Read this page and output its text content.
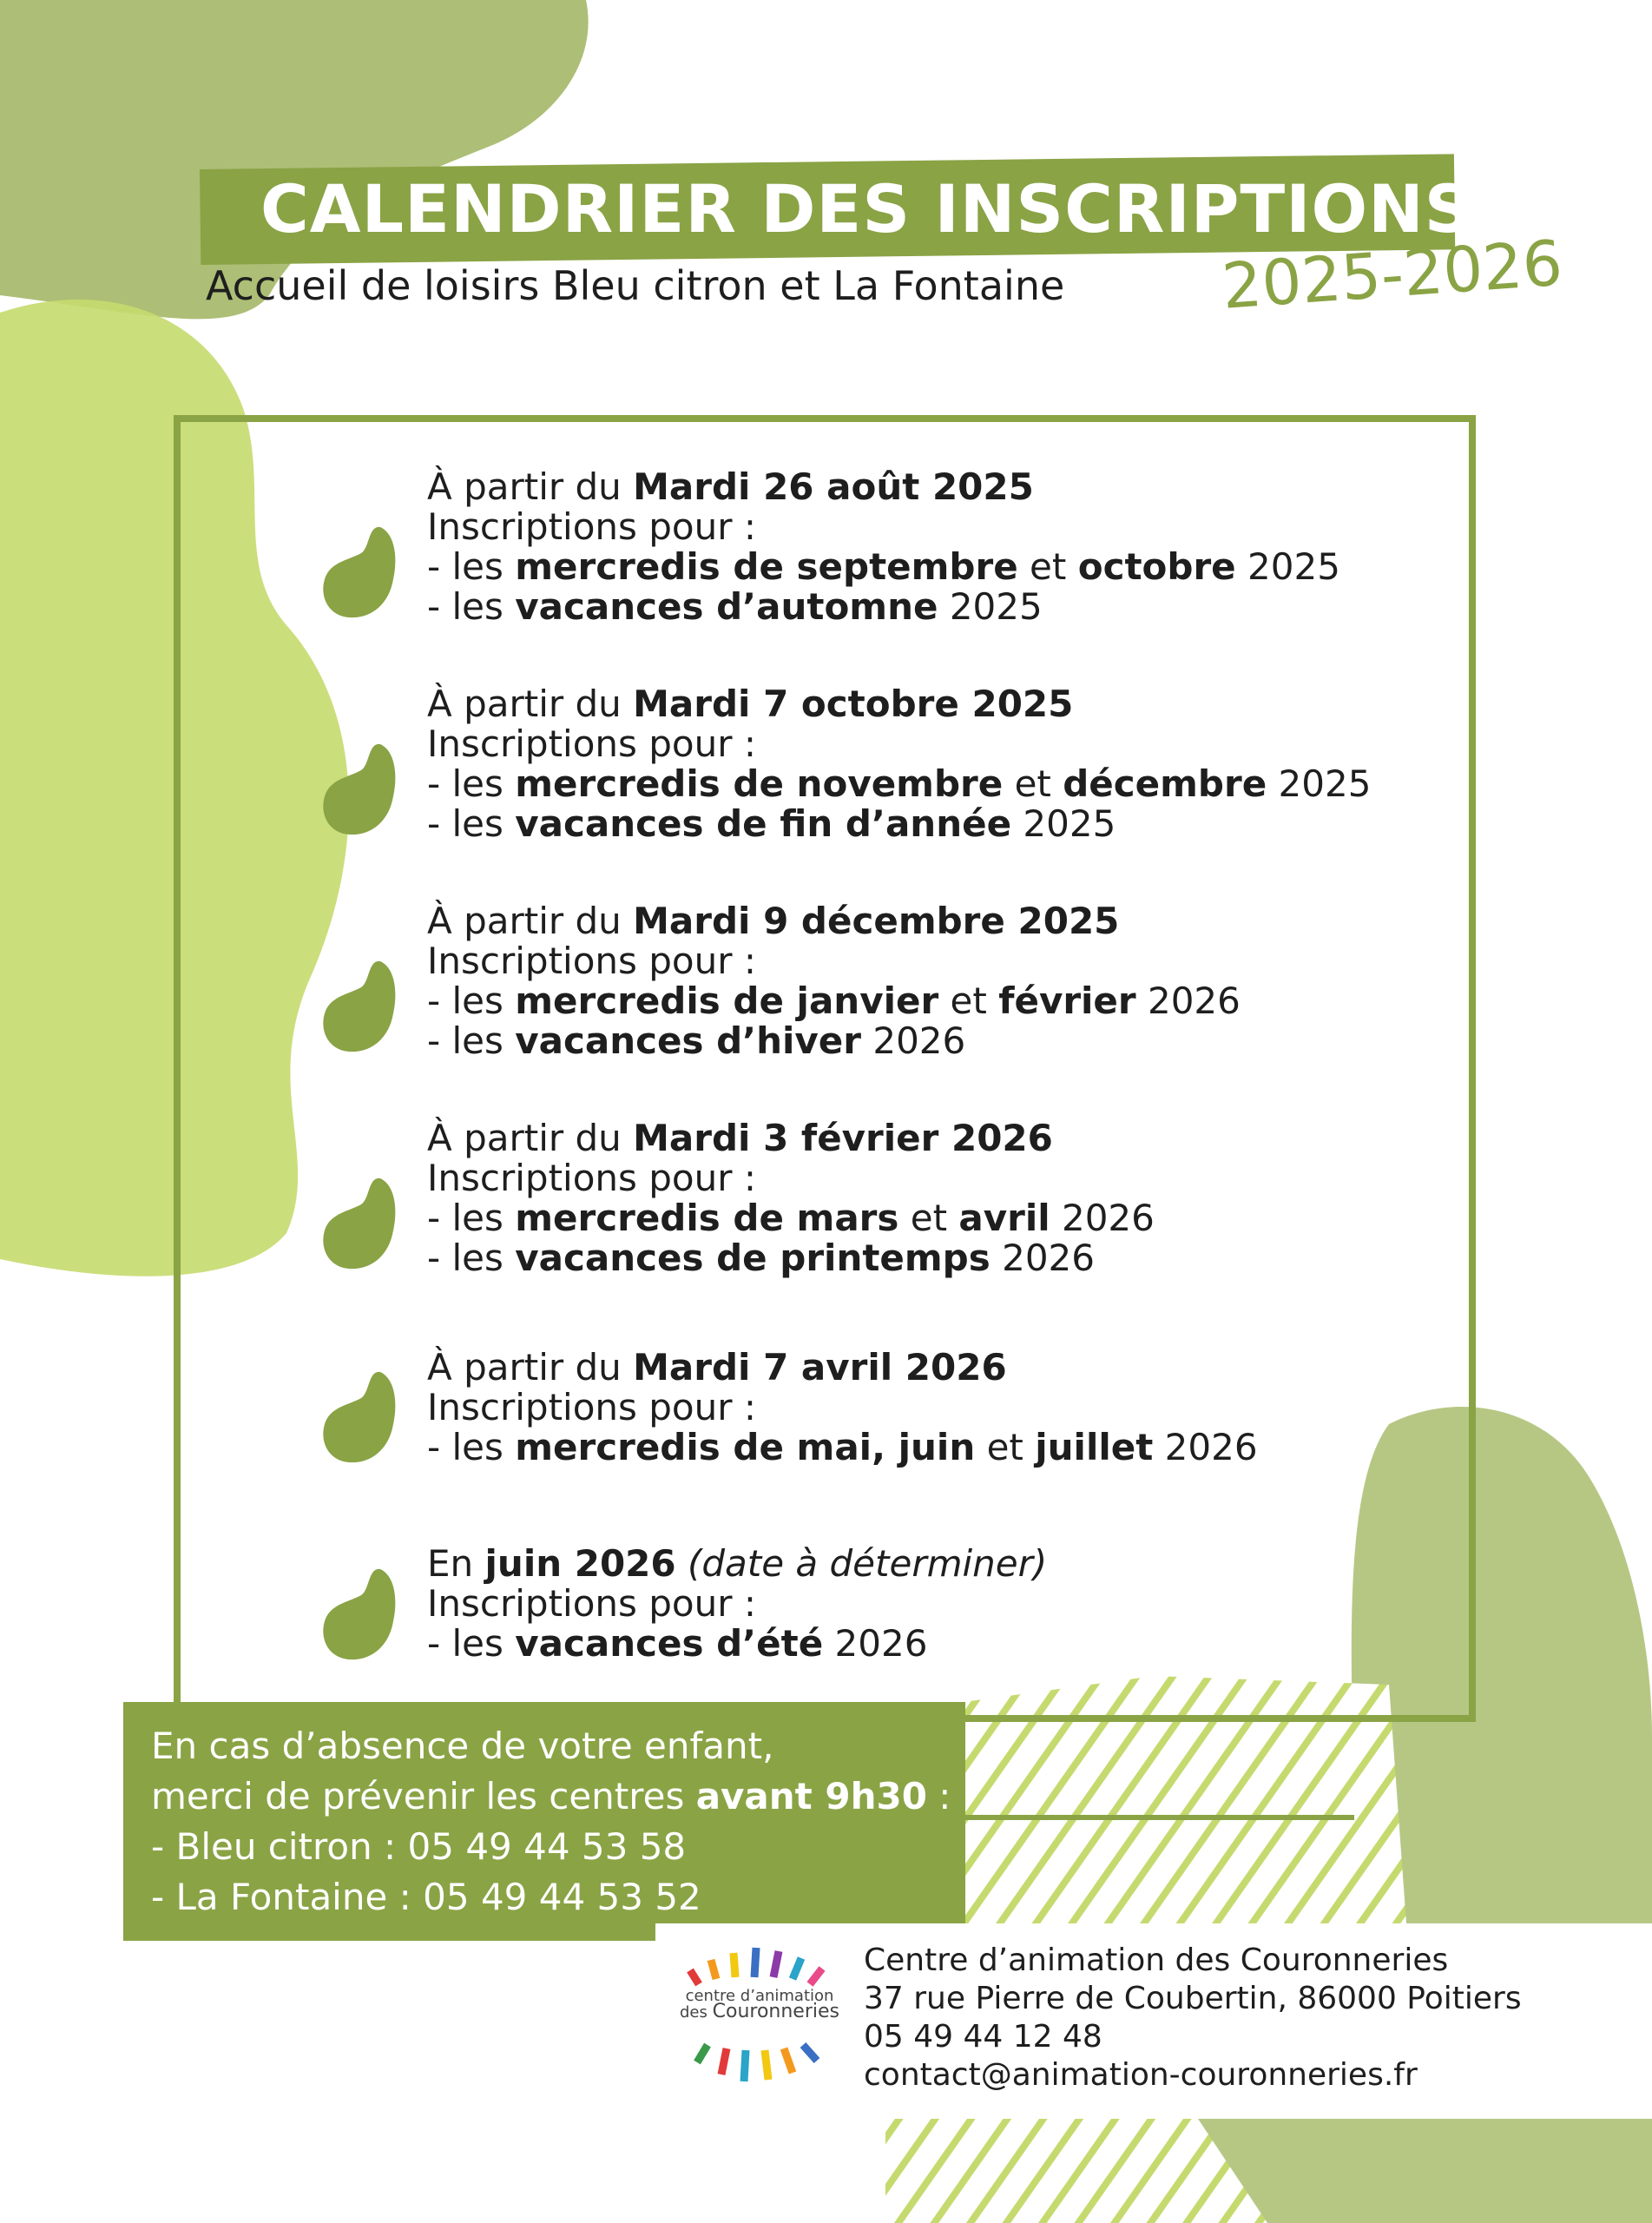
CALENDRIER DES INSCRIPTIONS
Accueil de loisirs Bleu citron et La Fontaine 2025-2026
À partir du Mardi 26 août 2025
Inscriptions pour :
- les mercredis de septembre et octobre 2025
- les vacances d’automne 2025
À partir du Mardi 7 octobre 2025
Inscriptions pour :
- les mercredis de novembre et décembre 2025
- les vacances de fin d’année 2025
À partir du Mardi 9 décembre 2025
Inscriptions pour :
- les mercredis de janvier et février 2026
- les vacances d’hiver 2026
À partir du Mardi 3 février 2026
Inscriptions pour :
- les mercredis de mars et avril 2026
- les vacances de printemps 2026
À partir du Mardi 7 avril 2026
Inscriptions pour :
- les mercredis de mai, juin et juillet 2026
En juin 2026 (date à déterminer)
Inscriptions pour :
- les vacances d’été 2026
En cas d’absence de votre enfant,
merci de prévenir les centres avant 9h30 :
- Bleu citron : 05 49 44 53 58
- La Fontaine : 05 49 44 53 52
centre d’animation
des Couronneries
Centre d’animation des Couronneries
37 rue Pierre de Coubertin, 86000 Poitiers
05 49 44 12 48
contact@animation-couronneries.fr
